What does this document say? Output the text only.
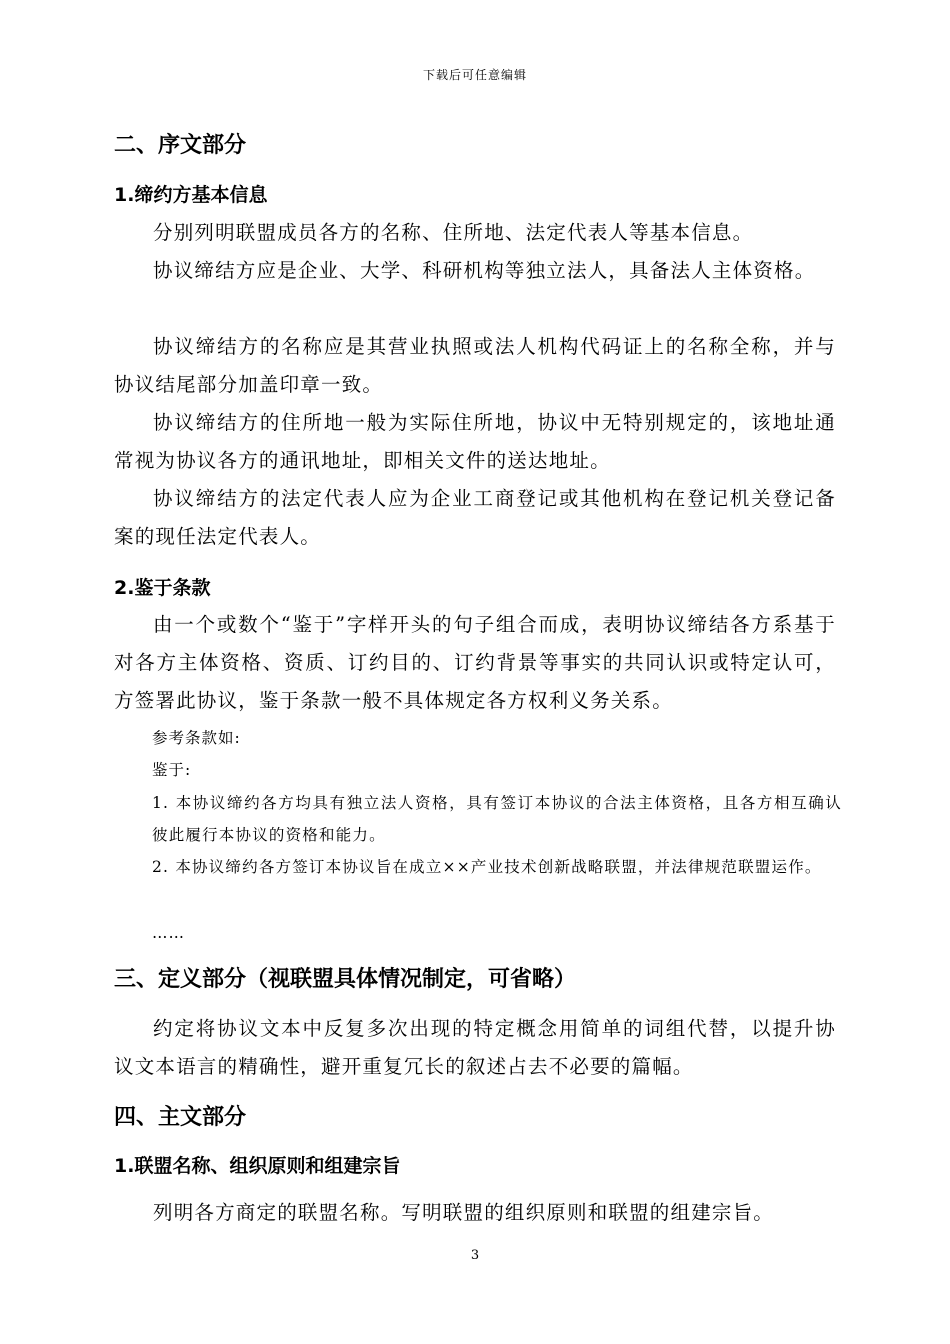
下载后可任意编辑
二、序文部分
1.缔约方基本信息
分别列明联盟成员各方的名称、住所地、法定代表人等基本信息。
协议缔结方应是企业、大学、科研机构等独立法人，具备法人主体资格。
协议缔结方的名称应是其营业执照或法人机构代码证上的名称全称，并与协议结尾部分加盖印章一致。
协议缔结方的住所地一般为实际住所地，协议中无特别规定的，该地址通常视为协议各方的通讯地址，即相关文件的送达地址。
协议缔结方的法定代表人应为企业工商登记或其他机构在登记机关登记备案的现任法定代表人。
2.鉴于条款
由一个或数个“鉴于”字样开头的句子组合而成，表明协议缔结各方系基于对各方主体资格、资质、订约目的、订约背景等事实的共同认识或特定认可，方签署此协议，鉴于条款一般不具体规定各方权利义务关系。
参考条款如:
鉴于:
1. 本协议缔约各方均具有独立法人资格，具有签订本协议的合法主体资格，且各方相互确认彼此履行本协议的资格和能力。
2. 本协议缔约各方签订本协议旨在成立××产业技术创新战略联盟，并法律规范联盟运作。
……
三、定义部分（视联盟具体情况制定，可省略）
约定将协议文本中反复多次出现的特定概念用简单的词组代替，以提升协议文本语言的精确性，避开重复冗长的叙述占去不必要的篇幅。
四、主文部分
1.联盟名称、组织原则和组建宗旨
列明各方商定的联盟名称。写明联盟的组织原则和联盟的组建宗旨。
3
